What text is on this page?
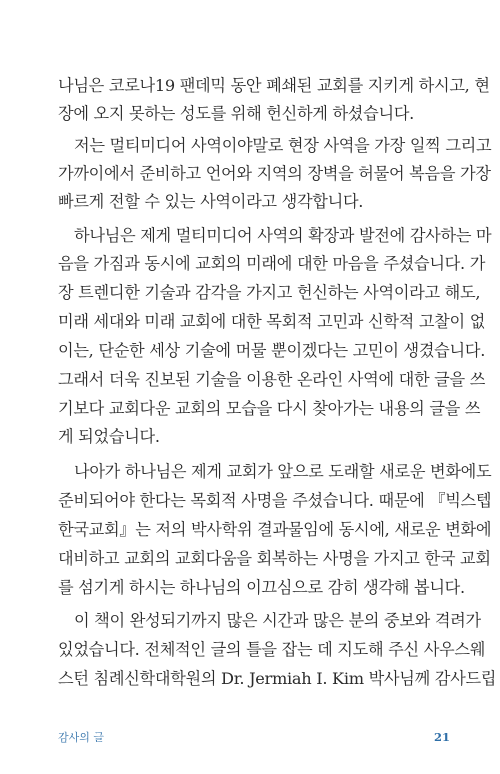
나님은 코로나19 팬데믹 동안 폐쇄된 교회를 지키게 하시고, 현
장에 오지 못하는 성도를 위해 헌신하게 하셨습니다.
저는 멀티미디어 사역이야말로 현장 사역을 가장 일찍 그리고
가까이에서 준비하고 언어와 지역의 장벽을 허물어 복음을 가장
빠르게 전할 수 있는 사역이라고 생각합니다.
하나님은 제게 멀티미디어 사역의 확장과 발전에 감사하는 마
음을 가짐과 동시에 교회의 미래에 대한 마음을 주셨습니다. 가
장 트렌디한 기술과 감각을 가지고 헌신하는 사역이라고 해도,
미래 세대와 미래 교회에 대한 목회적 고민과 신학적 고찰이 없
이는, 단순한 세상 기술에 머물 뿐이겠다는 고민이 생겼습니다.
그래서 더욱 진보된 기술을 이용한 온라인 사역에 대한 글을 쓰
기보다 교회다운 교회의 모습을 다시 찾아가는 내용의 글을 쓰
게 되었습니다.
나아가 하나님은 제게 교회가 앞으로 도래할 새로운 변화에도
준비되어야 한다는 목회적 사명을 주셨습니다. 때문에 『빅스텝
한국교회』는 저의 박사학위 결과물임에 동시에, 새로운 변화에
대비하고 교회의 교회다움을 회복하는 사명을 가지고 한국 교회
를 섬기게 하시는 하나님의 이끄심으로 감히 생각해 봅니다.
이 책이 완성되기까지 많은 시간과 많은 분의 중보와 격려가
있었습니다. 전체적인 글의 틀을 잡는 데 지도해 주신 사우스웨
스턴 침례신학대학원의 Dr. Jermiah I. Kim 박사님께 감사드립
감사의 글	21
